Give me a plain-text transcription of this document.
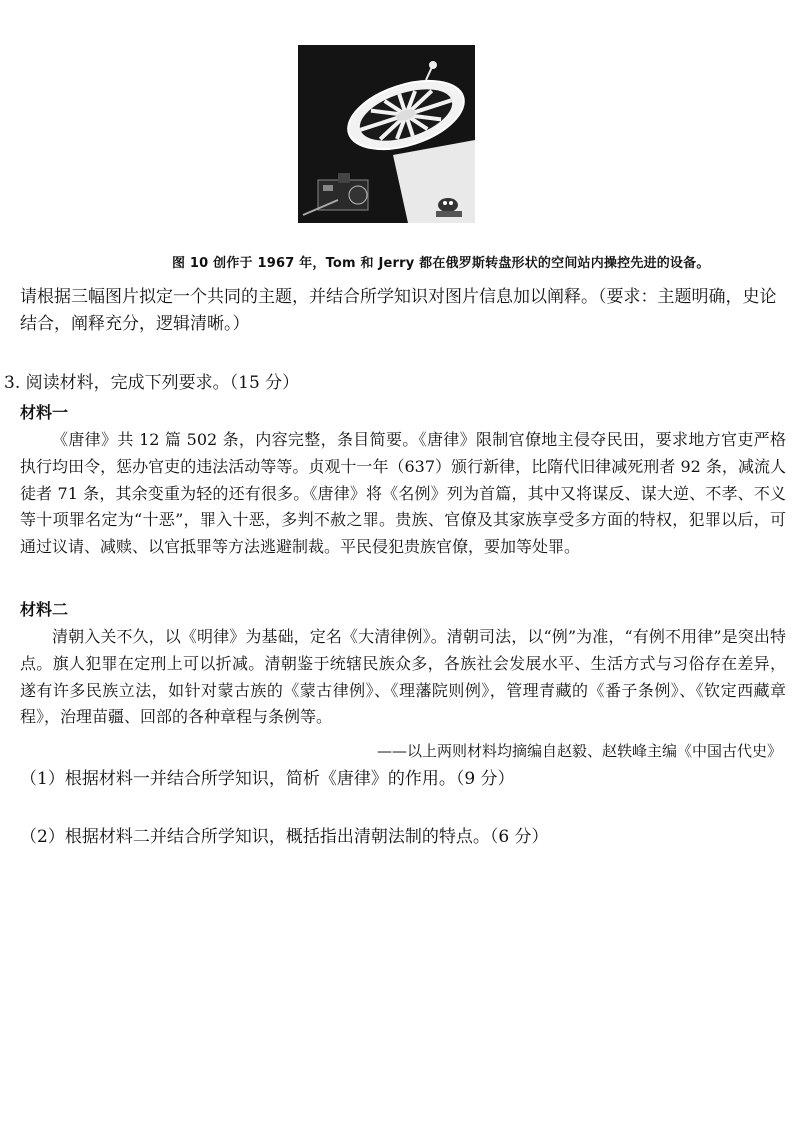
图 10 创作于 1967 年，Tom 和 Jerry 都在俄罗斯转盘形状的空间站内操控先进的设备。
请根据三幅图片拟定一个共同的主题，并结合所学知识对图片信息加以阐释。（要求：主题明确，史论结合，阐释充分，逻辑清晰。）
3. 阅读材料，完成下列要求。（15 分）
材料一
《唐律》共 12 篇 502 条，内容完整，条目简要。《唐律》限制官僚地主侵夺民田，要求地方官吏严格执行均田令，惩办官吏的违法活动等等。贞观十一年（637）颁行新律，比隋代旧律减死刑者 92 条，减流人徒者 71 条，其余变重为轻的还有很多。《唐律》将《名例》列为首篇，其中又将谋反、谋大逆、不孝、不义等十项罪名定为“十恶”，罪入十恶，多判不赦之罪。贵族、官僚及其家族享受多方面的特权，犯罪以后，可通过议请、减赎、以官抵罪等方法逃避制裁。平民侵犯贵族官僚，要加等处罪。
材料二
清朝入关不久，以《明律》为基础，定名《大清律例》。清朝司法，以“例”为准，“有例不用律”是突出特点。旗人犯罪在定刑上可以折减。清朝鉴于统辖民族众多，各族社会发展水平、生活方式与习俗存在差异，遂有许多民族立法，如针对蒙古族的《蒙古律例》、《理藩院则例》，管理青藏的《番子条例》、《钦定西藏章程》，治理苗疆、回部的各种章程与条例等。
——以上两则材料均摘编自赵毅、赵轶峰主编《中国古代史》
（1）根据材料一并结合所学知识，简析《唐律》的作用。（9 分）
（2）根据材料二并结合所学知识，概括指出清朝法制的特点。（6 分）
